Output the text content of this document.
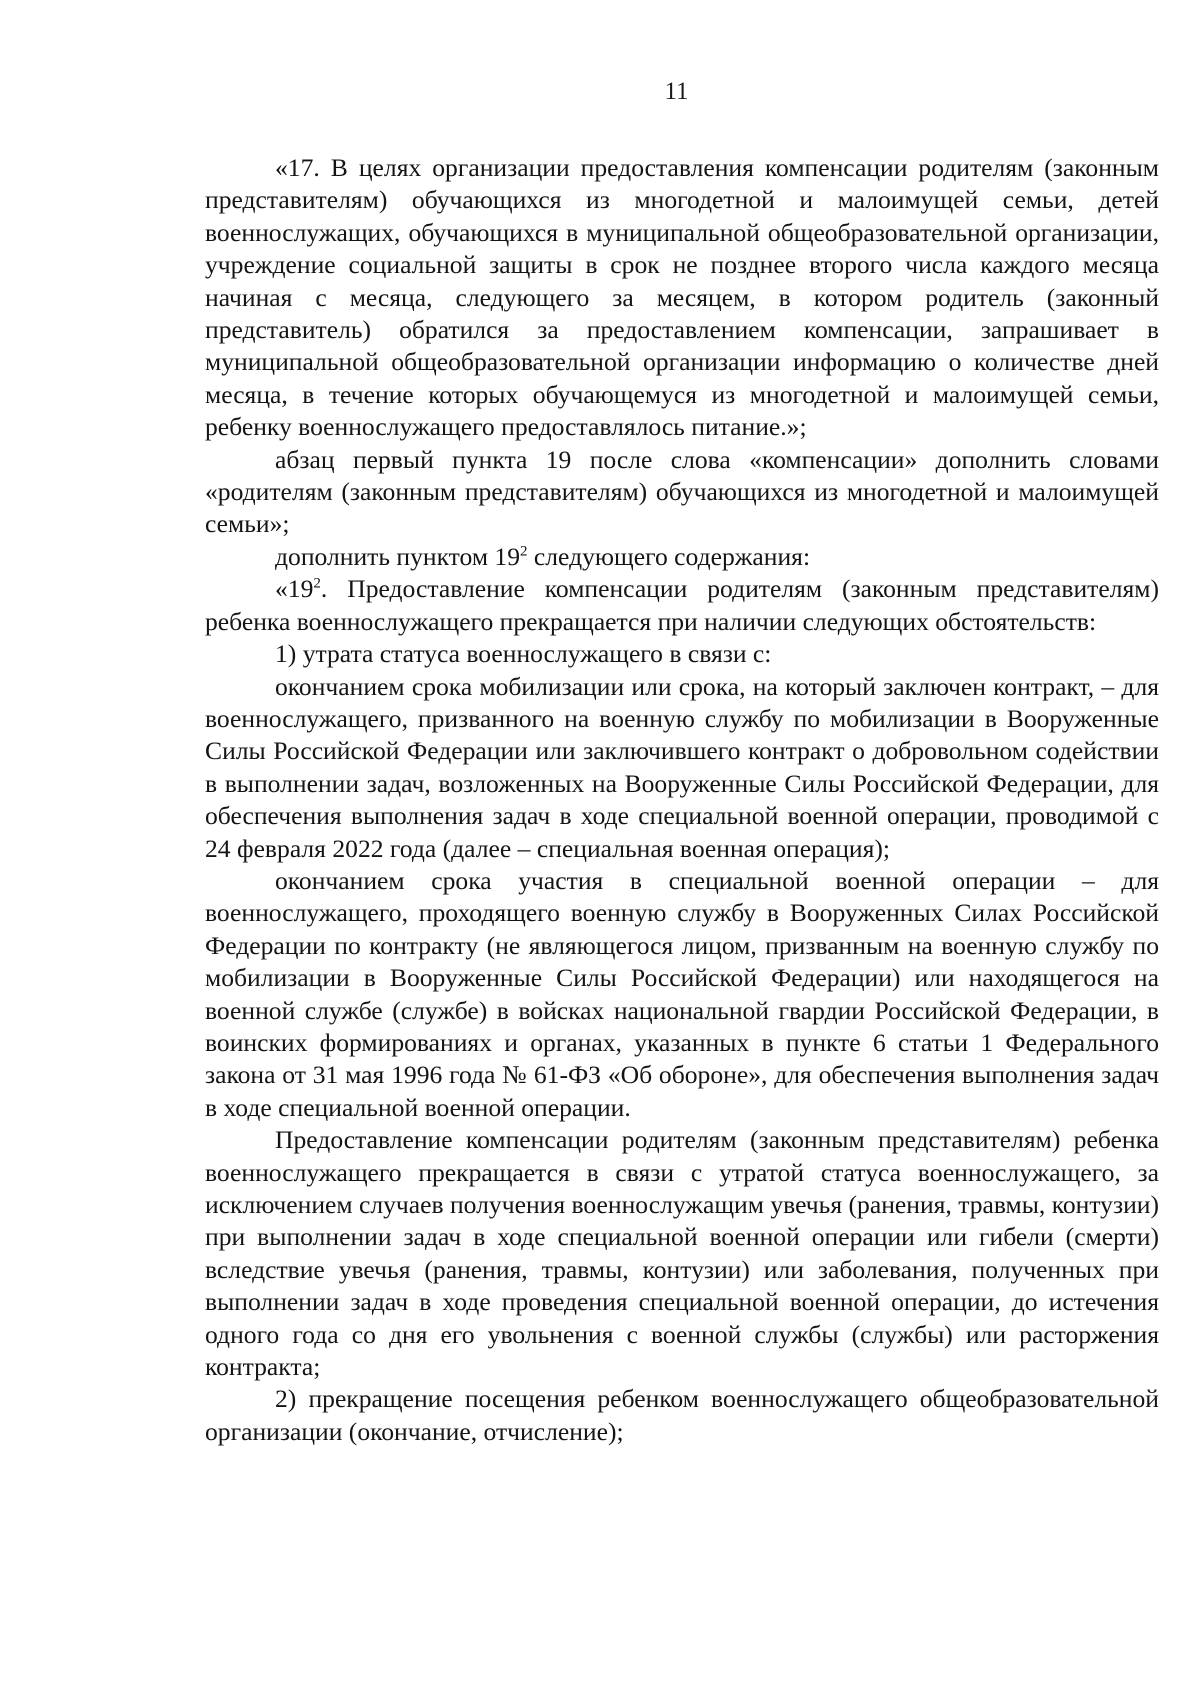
11

«17. В целях организации предоставления компенсации родителям (законным представителям) обучающихся из многодетной и малоимущей семьи, детей военнослужащих, обучающихся в муниципальной общеобразовательной организации, учреждение социальной защиты в срок не позднее второго числа каждого месяца начиная с месяца, следующего за месяцем, в котором родитель (законный представитель) обратился за предоставлением компенсации, запрашивает в муниципальной общеобразовательной организации информацию о количестве дней месяца, в течение которых обучающемуся из многодетной и малоимущей семьи, ребенку военнослужащего предоставлялось питание.»;

абзац первый пункта 19 после слова «компенсации» дополнить словами «родителям (законным представителям) обучающихся из многодетной и малоимущей семьи»;

дополнить пунктом $19^2$ следующего содержания:

«$19^2$. Предоставление компенсации родителям (законным представителям) ребенка военнослужащего прекращается при наличии следующих обстоятельств:

1) утрата статуса военнослужащего в связи с:

окончанием срока мобилизации или срока, на который заключен контракт, – для военнослужащего, призванного на военную службу по мобилизации в Вооруженные Силы Российской Федерации или заключившего контракт о добровольном содействии в выполнении задач, возложенных на Вооруженные Силы Российской Федерации, для обеспечения выполнения задач в ходе специальной военной операции, проводимой с 24 февраля 2022 года (далее – специальная военная операция);

окончанием срока участия в специальной военной операции – для военнослужащего, проходящего военную службу в Вооруженных Силах Российской Федерации по контракту (не являющегося лицом, призванным на военную службу по мобилизации в Вооруженные Силы Российской Федерации) или находящегося на военной службе (службе) в войсках национальной гвардии Российской Федерации, в воинских формированиях и органах, указанных в пункте 6 статьи 1 Федерального закона от 31 мая 1996 года № 61-ФЗ «Об обороне», для обеспечения выполнения задач в ходе специальной военной операции.

Предоставление компенсации родителям (законным представителям) ребенка военнослужащего прекращается в связи с утратой статуса военнослужащего, за исключением случаев получения военнослужащим увечья (ранения, травмы, контузии) при выполнении задач в ходе специальной военной операции или гибели (смерти) вследствие увечья (ранения, травмы, контузии) или заболевания, полученных при выполнении задач в ходе проведения специальной военной операции, до истечения одного года со дня его увольнения с военной службы (службы) или расторжения контракта;

2) прекращение посещения ребенком военнослужащего общеобразовательной организации (окончание, отчисление);
